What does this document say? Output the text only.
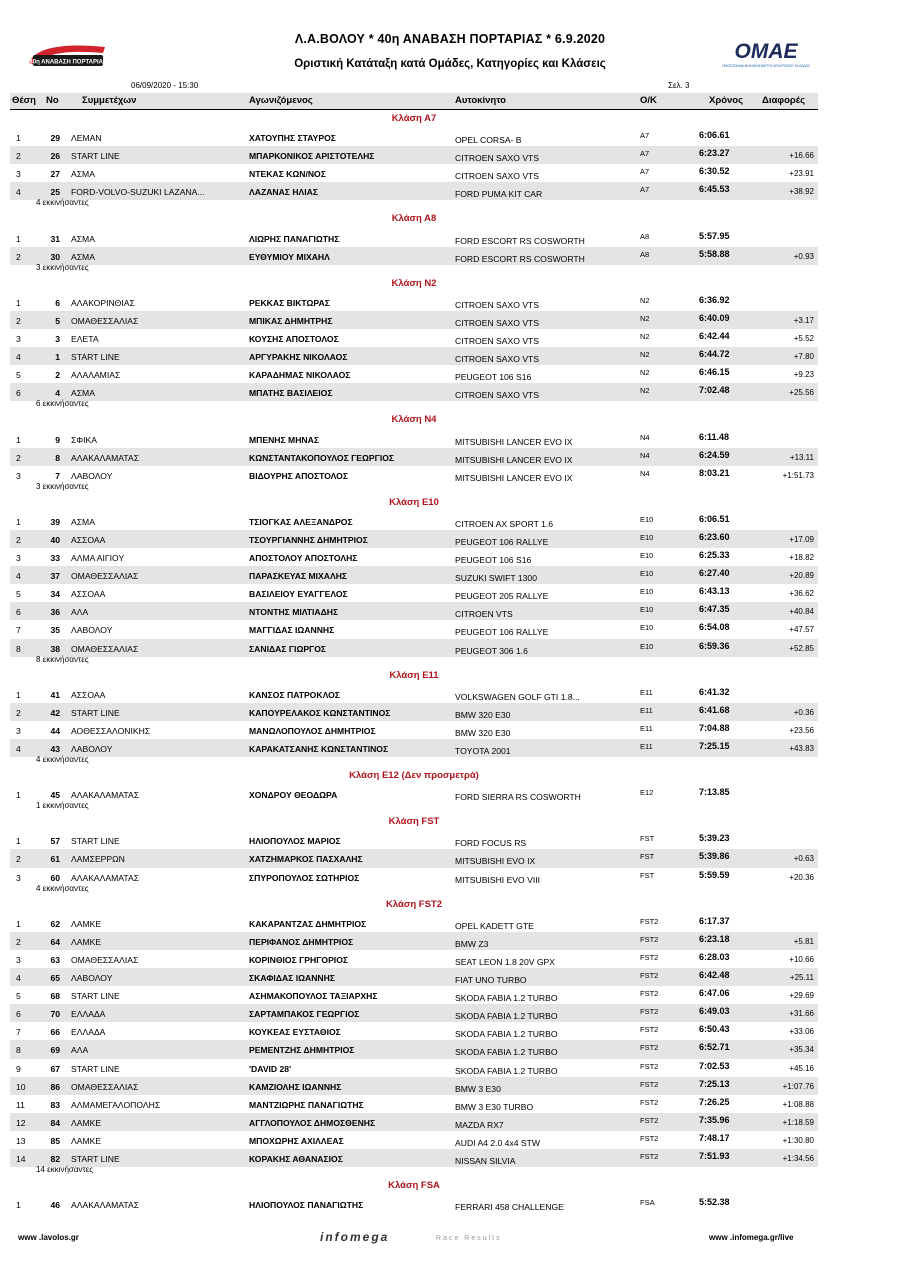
40η ΑΝΑΒΑΣΗ ΠΟΡΤΑΡΙΑΣ	ΟΜΑΕ
ΟΜΟΣΠΟΝΔΙΑ ΜΗΧΑΝΟΚΙΝΗΤΟΥ ΑΘΛΗΤΙΣΜΟΥ ΕΛΛΑΔΟΣ
Λ.Α.ΒΟΛΟΥ * 40η ΑΝΑΒΑΣΗ ΠΟΡΤΑΡΙΑΣ * 6.9.2020
Οριστική Κατάταξη κατά Ομάδες, Κατηγορίες και Κλάσεις
06/09/2020 - 15:30	Σελ. 3
Θέση Νο Συμμετέχων	Αγωνιζόμενος	Αυτοκίνητο	Ο/Κ	Χρόνος Διαφορές
Κλάση Α7
1	29 ΛΕΜΑΝ	ΧΑΤΟΥΠΗΣ ΣΤΑΥΡΟΣ	OPEL CORSA- B	A7	6:06.61
2	26 START LINE	ΜΠΑΡΚΟΝΙΚΟΣ ΑΡΙΣΤΟΤΕΛΗΣ	CITROEN SAXO VTS	A7	6:23.27	+16.66
3	27 ΑΣΜΑ	ΝΤΕΚΑΣ ΚΩΝ/ΝΟΣ	CITROEN SAXO VTS	A7	6:30.52	+23.91
4	25 FORD-VOLVO-SUZUKI LAZANA...	ΛΑΖΑΝΑΣ ΗΛΙΑΣ	FORD PUMA KIT CAR	A7	6:45.53	+38.92
4 εκκινήσαντες
Κλάση Α8
1	31 ΑΣΜΑ	ΛΙΩΡΗΣ ΠΑΝΑΓΙΩΤΗΣ	FORD ESCORT RS COSWORTH	A8	5:57.95
2	30 ΑΣΜΑ	ΕΥΘΥΜΙΟΥ ΜΙΧΑΗΛ	FORD ESCORT RS COSWORTH	A8	5:58.88	+0.93
3 εκκινήσαντες
Κλάση Ν2
1	6 ΑΛΑΚΟΡΙΝΘΙΑΣ	ΡΕΚΚΑΣ ΒΙΚΤΩΡΑΣ	CITROEN SAXO VTS	N2	6:36.92
2	5 ΟΜΑΘΕΣΣΑΛΙΑΣ	ΜΠΙΚΑΣ ΔΗΜΗΤΡΗΣ	CITROEN SAXO VTS	N2	6:40.09	+3.17
3	3 ΕΛΕΤΑ	ΚΟΥΣΗΣ ΑΠΟΣΤΟΛΟΣ	CITROEN SAXO VTS	N2	6:42.44	+5.52
4	1 START LINE	ΑΡΓΥΡΑΚΗΣ ΝΙΚΟΛΑΟΣ	CITROEN SAXO VTS	N2	6:44.72	+7.80
5	2 ΑΛΑΛΑΜΙΑΣ	ΚΑΡΑΔΗΜΑΣ ΝΙΚΟΛΑΟΣ	PEUGEOT 106 S16	N2	6:46.15	+9.23
6	4 ΑΣΜΑ	ΜΠΑΤΗΣ ΒΑΣΙΛΕΙΟΣ	CITROEN SAXO VTS	N2	7:02.48	+25.56
6 εκκινήσαντες
Κλάση Ν4
1	9 ΣΦΙΚΑ	ΜΠΕΝΗΣ ΜΗΝΑΣ	MITSUBISHI LANCER EVO IX	N4	6:11.48
2	8 ΑΛΑΚΑΛΑΜΑΤΑΣ	ΚΩΝΣΤΑΝΤΑΚΟΠΟΥΛΟΣ ΓΕΩΡΓΙΟΣ	MITSUBISHI LANCER EVO IX	N4	6:24.59	+13.11
3	7 ΛΑΒΟΛΟΥ	ΒΙΔΟΥΡΗΣ ΑΠΟΣΤΟΛΟΣ	MITSUBISHI LANCER EVO IX	N4	8:03.21	+1:51.73
3 εκκινήσαντες
Κλάση Ε10
1	39 ΑΣΜΑ	ΤΣΙΟΓΚΑΣ ΑΛΕΞΑΝΔΡΟΣ	CITROEN AX SPORT 1.6	E10	6:06.51
2	40 ΑΣΣΟΑΑ	ΤΣΟΥΡΓΙΑΝΝΗΣ ΔΗΜΗΤΡΙΟΣ	PEUGEOT 106 RALLYE	E10	6:23.60	+17.09
3	33 ΑΛΜΑ ΑΙΓΙΟΥ	ΑΠΟΣΤΟΛΟΥ ΑΠΟΣΤΟΛΗΣ	PEUGEOT 106 S16	E10	6:25.33	+18.82
4	37 ΟΜΑΘΕΣΣΑΛΙΑΣ	ΠΑΡΑΣΚΕΥΑΣ ΜΙΧΑΛΗΣ	SUZUKI SWIFT 1300	E10	6:27.40	+20.89
5	34 ΑΣΣΟΑΑ	ΒΑΣΙΛΕΙΟΥ ΕΥΑΓΓΕΛΟΣ	PEUGEOT 205 RALLYE	E10	6:43.13	+36.62
6	36 ΑΛΑ	ΝΤΟΝΤΗΣ ΜΙΛΤΙΑΔΗΣ	CITROEN VTS	E10	6:47.35	+40.84
7	35 ΛΑΒΟΛΟΥ	ΜΑΓΓΙΔΑΣ ΙΩΑΝΝΗΣ	PEUGEOT 106 RALLYE	E10	6:54.08	+47.57
8	38 ΟΜΑΘΕΣΣΑΛΙΑΣ	ΣΑΝΙΔΑΣ ΓΙΩΡΓΟΣ	PEUGEOT 306 1.6	E10	6:59.36	+52.85
8 εκκινήσαντες
Κλάση Ε11
1	41 ΑΣΣΟΑΑ	ΚΑΝΣΟΣ ΠΑΤΡΟΚΛΟΣ	VOLKSWAGEN GOLF GTI 1.8...	E11	6:41.32
2	42 START LINE	ΚΑΠΟΥΡΕΛΑΚΟΣ ΚΩΝΣΤΑΝΤΙΝΟΣ	BMW 320 E30	E11	6:41.68	+0.36
3	44 ΑΟΘΕΣΣΑΛΟΝΙΚΗΣ	ΜΑΝΩΛΟΠΟΥΛΟΣ ΔΗΜΗΤΡΙΟΣ	BMW 320 E30	E11	7:04.88	+23.56
4	43 ΛΑΒΟΛΟΥ	ΚΑΡΑΚΑΤΣΑΝΗΣ ΚΩΝΣΤΑΝΤΙΝΟΣ	TOYOTA 2001	E11	7:25.15	+43.83
4 εκκινήσαντες
Κλάση Ε12 (Δεν προσμετρά)
1	45 ΑΛΑΚΑΛΑΜΑΤΑΣ	ΧΟΝΔΡΟΥ ΘΕΟΔΩΡΑ	FORD SIERRA RS COSWORTH	E12	7:13.85
1 εκκινήσαντες
Κλάση FST
1	57 START LINE	ΗΛΙΟΠΟΥΛΟΣ ΜΑΡΙΟΣ	FORD FOCUS RS	FST	5:39.23
2	61 ΛΑΜΣΕΡΡΩΝ	ΧΑΤΖΗΜΑΡΚΟΣ ΠΑΣΧΑΛΗΣ	MITSUBISHI EVO IX	FST	5:39.86	+0.63
3	60 ΑΛΑΚΑΛΑΜΑΤΑΣ	ΣΠΥΡΟΠΟΥΛΟΣ ΣΩΤΗΡΙΟΣ	MITSUBISHI EVO VIII	FST	5:59.59	+20.36
4 εκκινήσαντες
Κλάση FST2
1	62 ΛΑΜΚΕ	ΚΑΚΑΡΑΝΤΖΑΣ ΔΗΜΗΤΡΙΟΣ	OPEL KADETT GTE	FST2	6:17.37
2	64 ΛΑΜΚΕ	ΠΕΡΙΦΑΝΟΣ ΔΗΜΗΤΡΙΟΣ	BMW Z3	FST2	6:23.18	+5.81
3	63 ΟΜΑΘΕΣΣΑΛΙΑΣ	ΚΟΡΙΝΘΙΟΣ ΓΡΗΓΟΡΙΟΣ	SEAT LEON 1.8 20V GPX	FST2	6:28.03	+10.66
4	65 ΛΑΒΟΛΟΥ	ΣΚΑΦΙΔΑΣ ΙΩΑΝΝΗΣ	FIAT UNO TURBO	FST2	6:42.48	+25.11
5	68 START LINE	ΑΣΗΜΑΚΟΠΟΥΛΟΣ ΤΑΞΙΑΡΧΗΣ	SKODA FABIA 1.2 TURBO	FST2	6:47.06	+29.69
6	70 ΕΛΛΑΔΑ	ΣΑΡΤΑΜΠΑΚΟΣ ΓΕΩΡΓΙΟΣ	SKODA FABIA 1.2 TURBO	FST2	6:49.03	+31.66
7	66 ΕΛΛΑΔΑ	ΚΟΥΚΕΑΣ ΕΥΣΤΑΘΙΟΣ	SKODA FABIA 1.2 TURBO	FST2	6:50.43	+33.06
8	69 ΑΛΑ	ΡΕΜΕΝΤΖΗΣ ΔΗΜΗΤΡΙΟΣ	SKODA FABIA 1.2 TURBO	FST2	6:52.71	+35.34
9	67 START LINE	'DAVID 28'	SKODA FABIA 1.2 TURBO	FST2	7:02.53	+45.16
10	86 ΟΜΑΘΕΣΣΑΛΙΑΣ	ΚΑΜΖΙΟΛΗΣ ΙΩΑΝΝΗΣ	BMW 3 E30	FST2	7:25.13	+1:07.76
11	83 ΑΛΜΑΜΕΓΑΛΟΠΟΛΗΣ	ΜΑΝΤΖΙΩΡΗΣ ΠΑΝΑΓΙΩΤΗΣ	BMW 3 E30 TURBO	FST2	7:26.25	+1:08.88
12	84 ΛΑΜΚΕ	ΑΓΓΛΟΠΟΥΛΟΣ ΔΗΜΟΣΘΕΝΗΣ	MAZDA RX7	FST2	7:35.96	+1:18.59
13	85 ΛΑΜΚΕ	ΜΠΟΧΩΡΗΣ ΑΧΙΛΛΕΑΣ	AUDI A4 2.0 4x4 STW	FST2	7:48.17	+1:30.80
14	82 START LINE	ΚΟΡΑΚΗΣ ΑΘΑΝΑΣΙΟΣ	NISSAN SILVIA	FST2	7:51.93	+1:34.56
14 εκκινήσαντες
Κλάση FSA
1	46 ΑΛΑΚΑΛΑΜΑΤΑΣ	ΗΛΙΟΠΟΥΛΟΣ ΠΑΝΑΓΙΩΤΗΣ	FERRARI 458 CHALLENGE	FSA	5:52.38
www .lavolos.gr	infomega	Race Results	www .infomega.gr/live
